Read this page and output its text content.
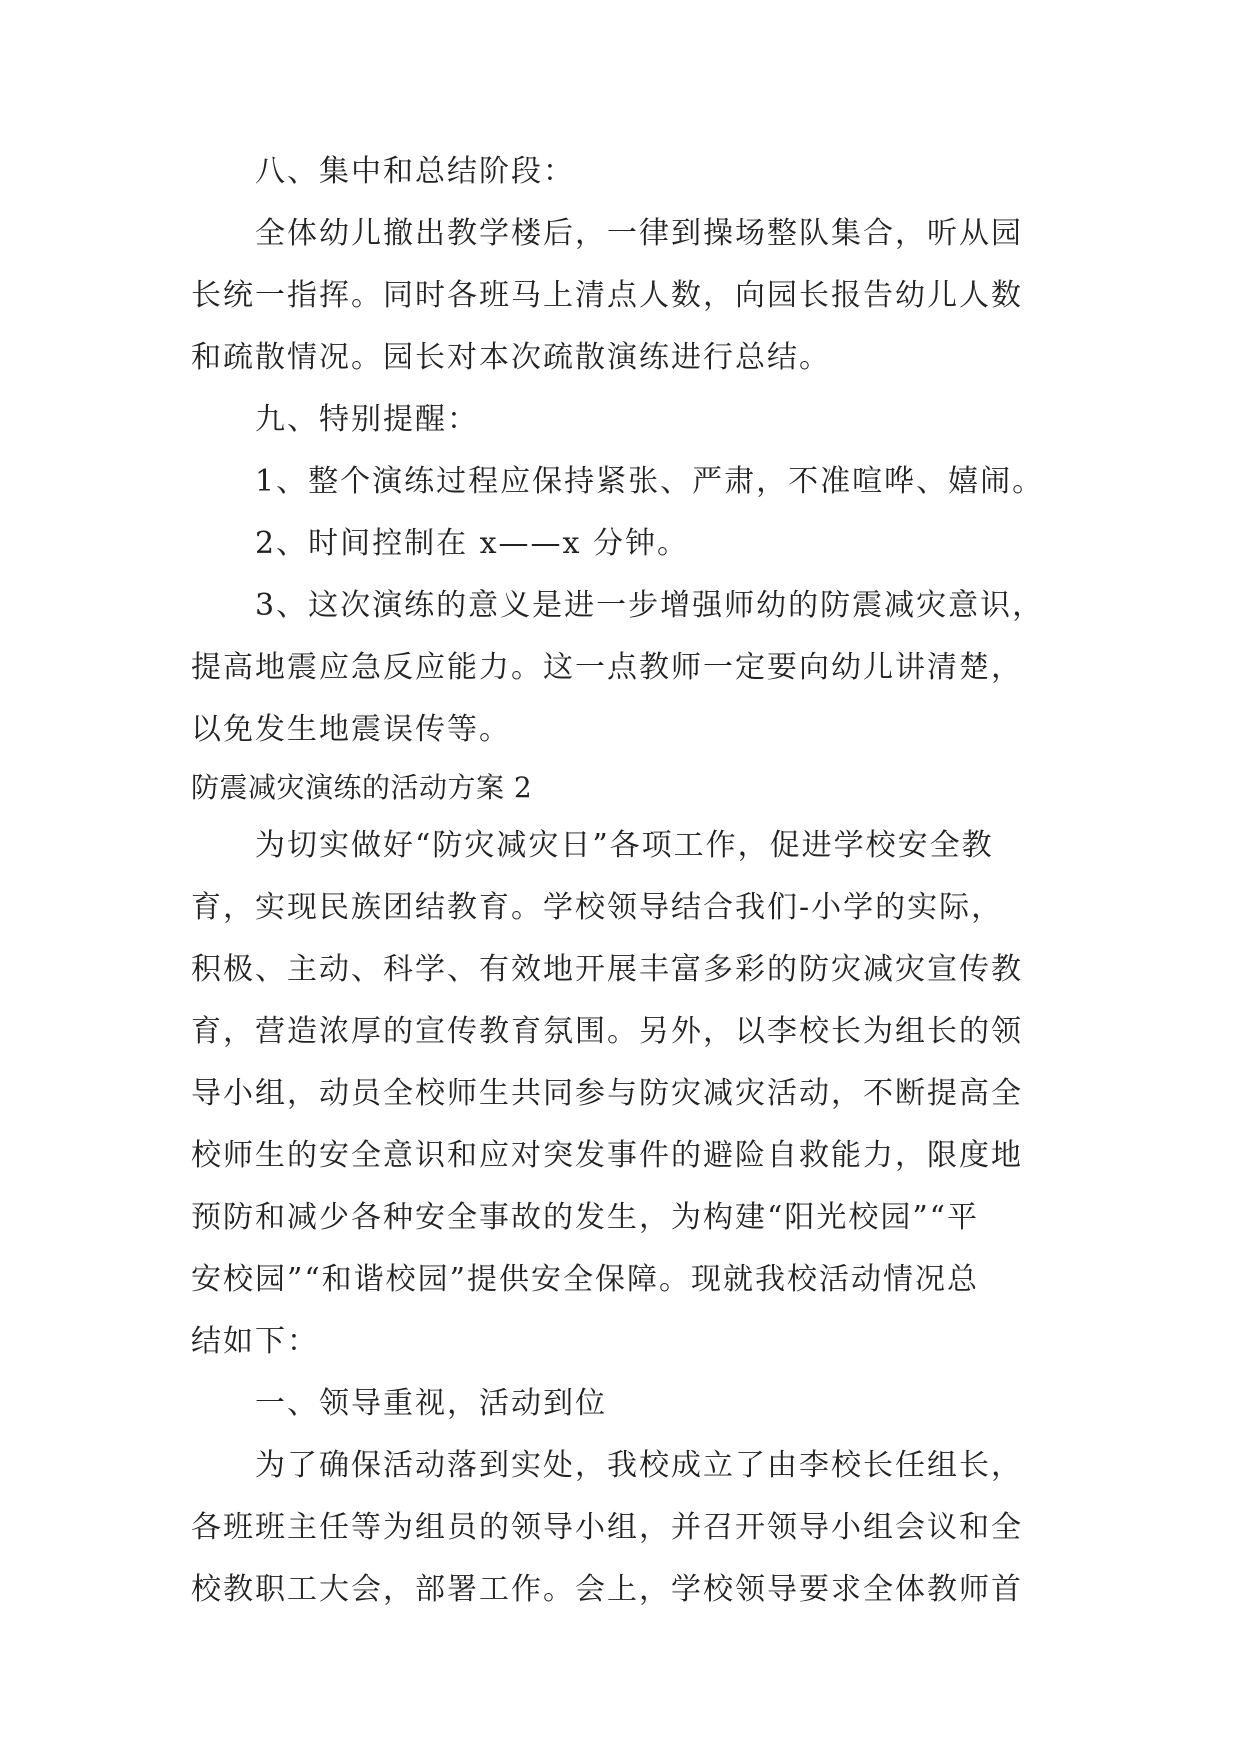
八、集中和总结阶段：
全体幼儿撤出教学楼后，一律到操场整队集合，听从园
长统一指挥。同时各班马上清点人数，向园长报告幼儿人数
和疏散情况。园长对本次疏散演练进行总结。
九、特别提醒：
1、整个演练过程应保持紧张、严肃，不准喧哗、嬉闹。
2、时间控制在 x——x 分钟。
3、这次演练的意义是进一步增强师幼的防震减灾意识，
提高地震应急反应能力。这一点教师一定要向幼儿讲清楚，
以免发生地震误传等。
防震减灾演练的活动方案 2
为切实做好“防灾减灾日”各项工作，促进学校安全教
育，实现民族团结教育。学校领导结合我们-小学的实际，
积极、主动、科学、有效地开展丰富多彩的防灾减灾宣传教
育，营造浓厚的宣传教育氛围。另外，以李校长为组长的领
导小组，动员全校师生共同参与防灾减灾活动，不断提高全
校师生的安全意识和应对突发事件的避险自救能力，限度地
预防和减少各种安全事故的发生，为构建“阳光校园”“平
安校园”“和谐校园”提供安全保障。现就我校活动情况总
结如下：
一、领导重视，活动到位
为了确保活动落到实处，我校成立了由李校长任组长，
各班班主任等为组员的领导小组，并召开领导小组会议和全
校教职工大会，部署工作。会上，学校领导要求全体教师首
